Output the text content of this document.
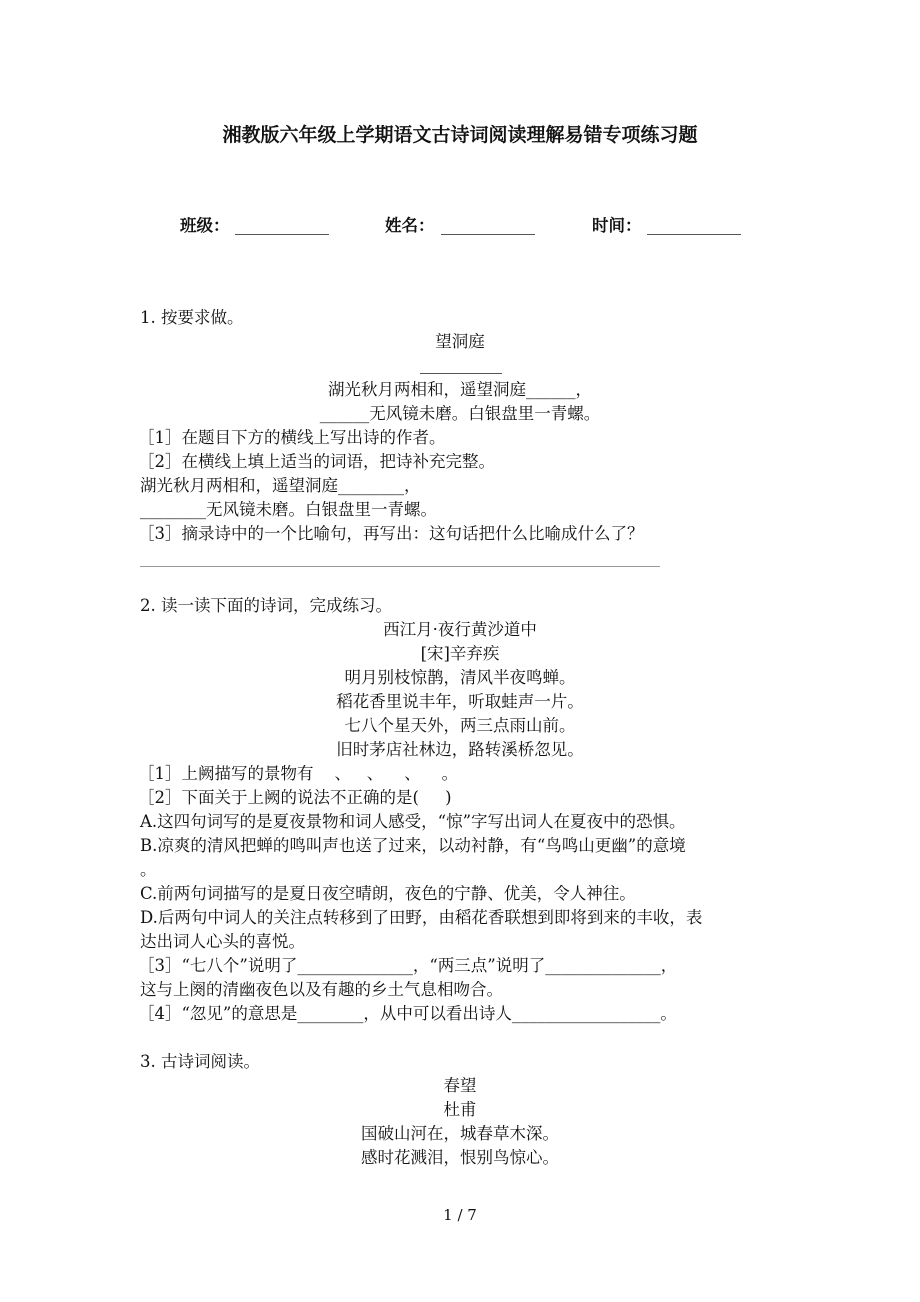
湘教版六年级上学期语文古诗词阅读理解易错专项练习题
班级：	姓名：	时间：
1. 按要求做。
望洞庭
湖光秋月两相和，遥望洞庭______，
______无风镜未磨。白银盘里一青螺。
［1］在题目下方的横线上写出诗的作者。
［2］在横线上填上适当的词语，把诗补充完整。
湖光秋月两相和，遥望洞庭________，
________无风镜未磨。白银盘里一青螺。
［3］摘录诗中的一个比喻句，再写出：这句话把什么比喻成什么了？
2. 读一读下面的诗词，完成练习。
西江月·夜行黄沙道中
[宋]辛弃疾
明月别枝惊鹊，清风半夜鸣蝉。
稻花香里说丰年，听取蛙声一片。
七八个星天外，两三点雨山前。
旧时茅店社林边，路转溪桥忽见。
［1］上阙描写的景物有    、   、    、    。
［2］下面关于上阙的说法不正确的是(     )
A.这四句词写的是夏夜景物和词人感受，“惊”字写出词人在夏夜中的恐惧。
B.凉爽的清风把蝉的鸣叫声也送了过来，以动衬静，有“鸟鸣山更幽”的意境
。
C.前两句词描写的是夏日夜空晴朗，夜色的宁静、优美，令人神往。
D.后两句中词人的关注点转移到了田野，由稻花香联想到即将到来的丰收，表
达出词人心头的喜悦。
［3］“七八个”说明了______________，“两三点”说明了______________，
这与上阕的清幽夜色以及有趣的乡土气息相吻合。
［4］“忽见”的意思是________，从中可以看出诗人__________________。
3. 古诗词阅读。
春望
杜甫
国破山河在，城春草木深。
感时花溅泪，恨别鸟惊心。
1 / 7
